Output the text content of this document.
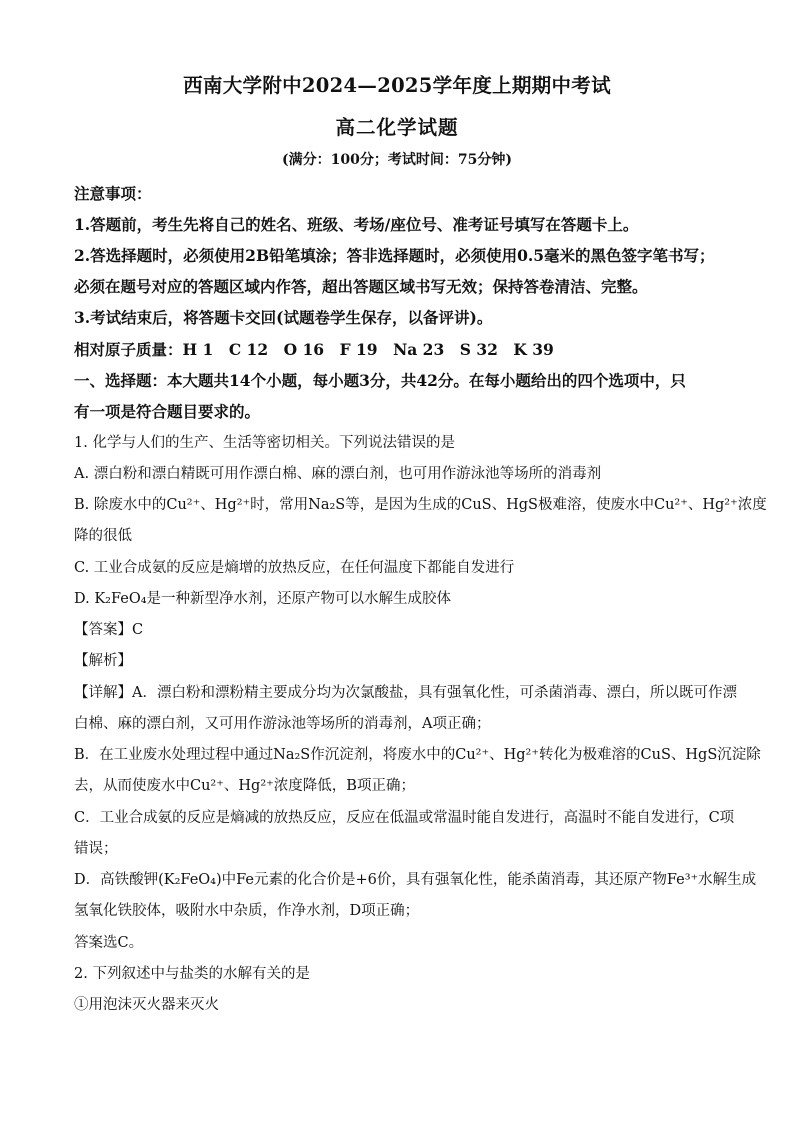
西南大学附中2024—2025学年度上期期中考试
高二化学试题
(满分：100分；考试时间：75分钟)
注意事项：
1.答题前，考生先将自己的姓名、班级、考场/座位号、准考证号填写在答题卡上。
2.答选择题时，必须使用2B铅笔填涂；答非选择题时，必须使用0.5毫米的黑色签字笔书写；
必须在题号对应的答题区域内作答，超出答题区域书写无效；保持答卷清洁、完整。
3.考试结束后，将答题卡交回(试题卷学生保存，以备评讲)。
相对原子质量：H 1　C 12　O 16　F 19　Na 23　S 32　K 39
一、选择题：本大题共14个小题，每小题3分，共42分。在每小题给出的四个选项中，只
有一项是符合题目要求的。
1. 化学与人们的生产、生活等密切相关。下列说法错误的是
A. 漂白粉和漂白精既可用作漂白棉、麻的漂白剂，也可用作游泳池等场所的消毒剂
B. 除废水中的Cu²⁺、Hg²⁺时，常用Na₂S等，是因为生成的CuS、HgS极难溶，使废水中Cu²⁺、Hg²⁺浓度
降的很低
C. 工业合成氨的反应是熵增的放热反应，在任何温度下都能自发进行
D. K₂FeO₄是一种新型净水剂，还原产物可以水解生成胶体
【答案】C
【解析】
【详解】A．漂白粉和漂粉精主要成分均为次氯酸盐，具有强氧化性，可杀菌消毒、漂白，所以既可作漂
白棉、麻的漂白剂，又可用作游泳池等场所的消毒剂，A项正确；
B．在工业废水处理过程中通过Na₂S作沉淀剂，将废水中的Cu²⁺、Hg²⁺转化为极难溶的CuS、HgS沉淀除
去，从而使废水中Cu²⁺、Hg²⁺浓度降低，B项正确；
C．工业合成氨的反应是熵减的放热反应，反应在低温或常温时能自发进行，高温时不能自发进行，C项
错误；
D．高铁酸钾(K₂FeO₄)中Fe元素的化合价是+6价，具有强氧化性，能杀菌消毒，其还原产物Fe³⁺水解生成
氢氧化铁胶体，吸附水中杂质，作净水剂，D项正确；
答案选C。
2. 下列叙述中与盐类的水解有关的是
①用泡沫灭火器来灭火
